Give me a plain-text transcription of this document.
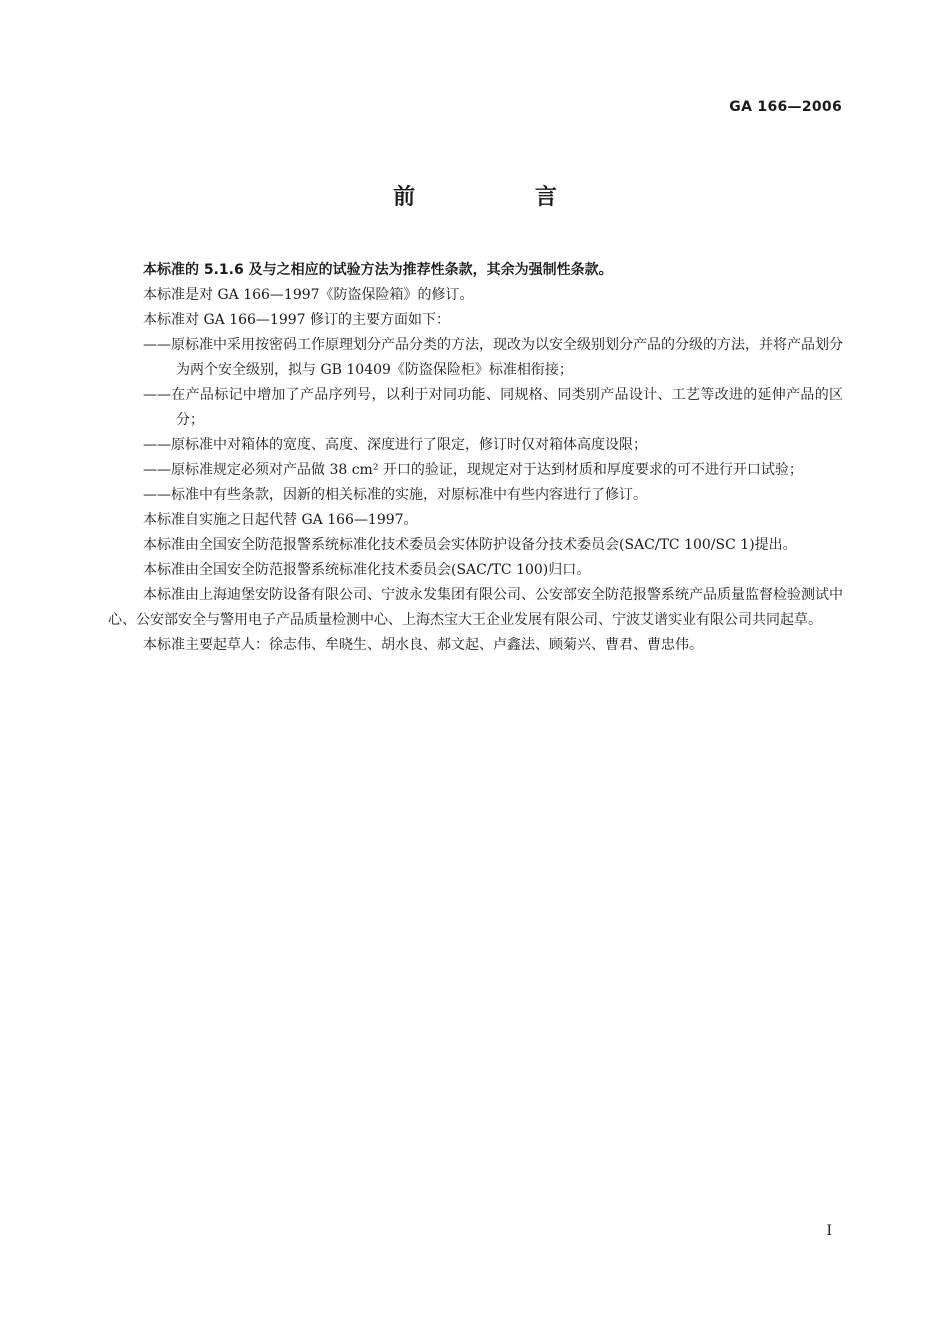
GA 166—2006
前 言

本标准的 5.1.6 及与之相应的试验方法为推荐性条款，其余为强制性条款。

本标准是对 GA 166—1997《防盗保险箱》的修订。

本标准对 GA 166—1997 修订的主要方面如下：

——原标准中采用按密码工作原理划分产品分类的方法，现改为以安全级别划分产品的分级的方法，并将产品划分为两个安全级别，拟与 GB 10409《防盗保险柜》标准相衔接；

——在产品标记中增加了产品序列号，以利于对同功能、同规格、同类别产品设计、工艺等改进的延伸产品的区分；

——原标准中对箱体的宽度、高度、深度进行了限定，修订时仅对箱体高度设限；

——原标准规定必须对产品做 38 cm² 开口的验证，现规定对于达到材质和厚度要求的可不进行开口试验；

——标准中有些条款，因新的相关标准的实施，对原标准中有些内容进行了修订。

本标准自实施之日起代替 GA 166—1997。

本标准由全国安全防范报警系统标准化技术委员会实体防护设备分技术委员会(SAC/TC 100/SC 1)提出。

本标准由全国安全防范报警系统标准化技术委员会(SAC/TC 100)归口。

本标准由上海迪堡安防设备有限公司、宁波永发集团有限公司、公安部安全防范报警系统产品质量监督检验测试中心、公安部安全与警用电子产品质量检测中心、上海杰宝大王企业发展有限公司、宁波艾谱实业有限公司共同起草。

本标准主要起草人：徐志伟、牟晓生、胡水良、郝文起、卢鑫法、顾菊兴、曹君、曹忠伟。

I
